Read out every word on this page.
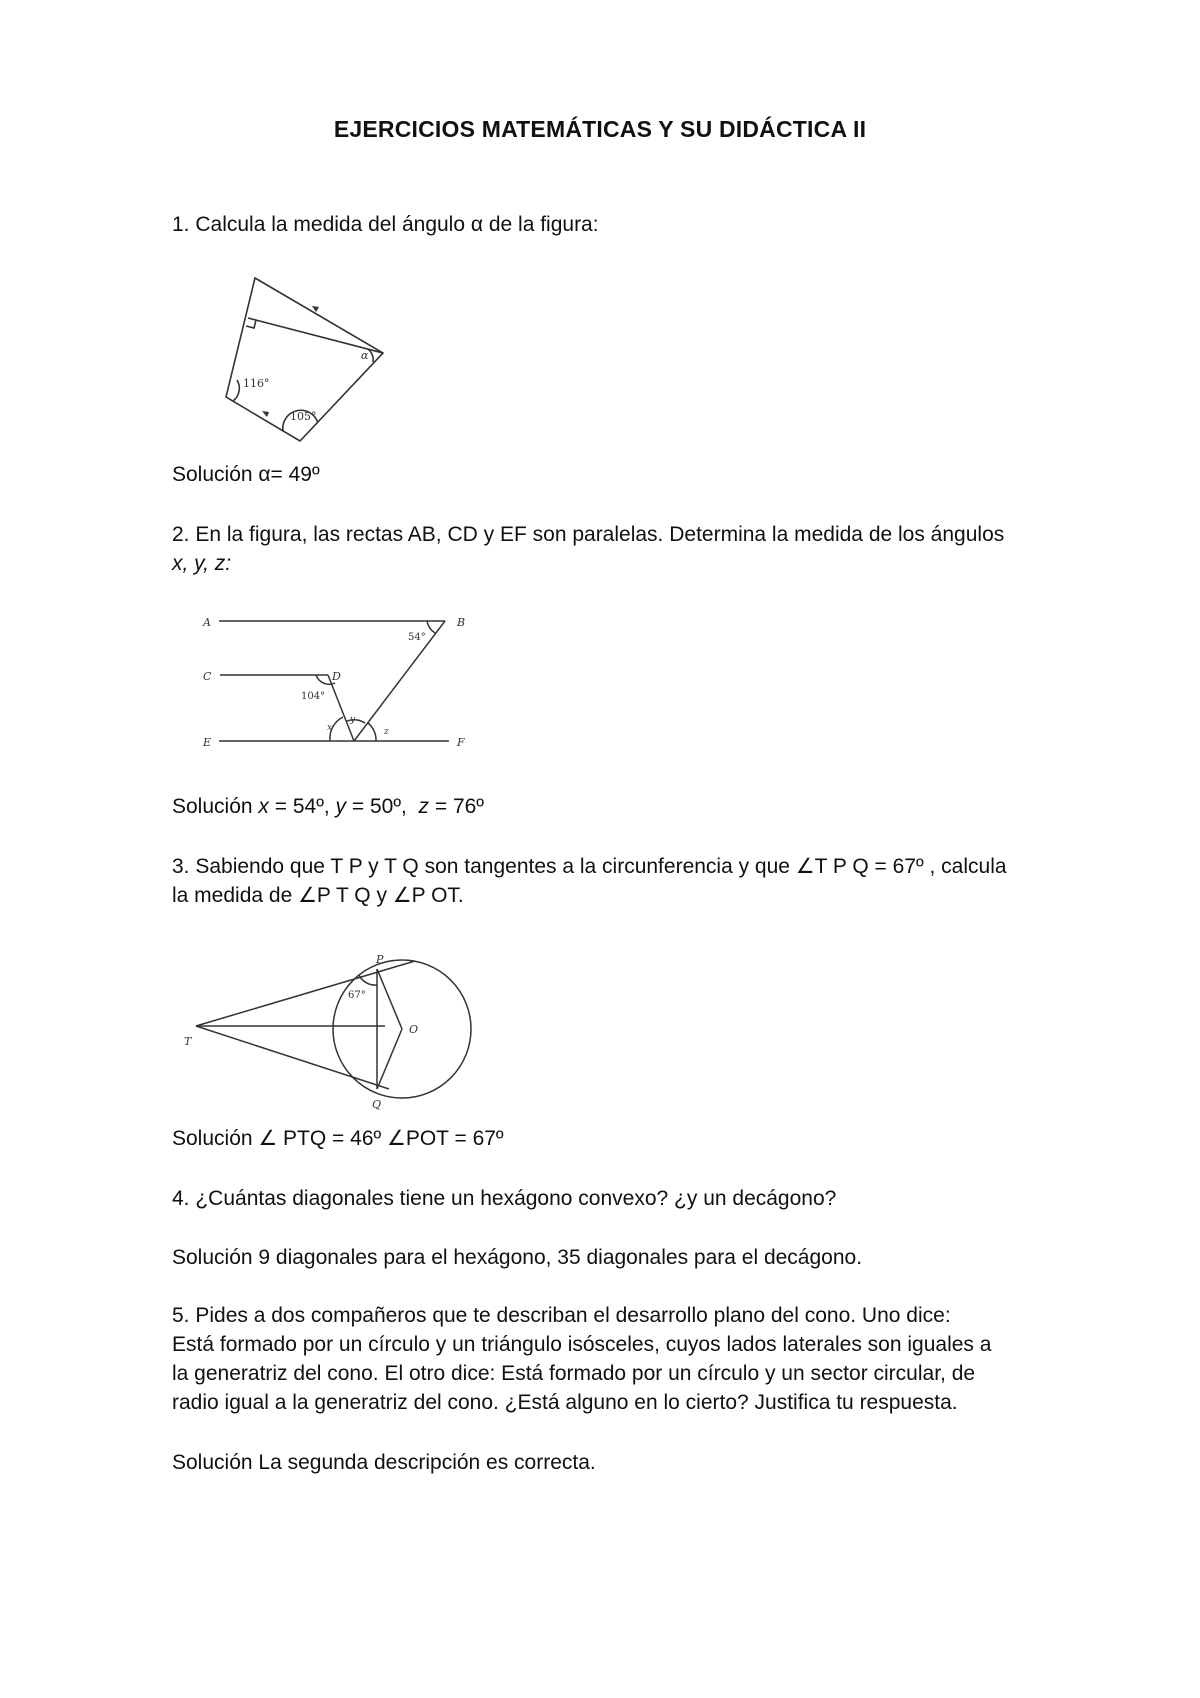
EJERCICIOS MATEMÁTICAS Y SU DIDÁCTICA II
1. Calcula la medida del ángulo α de la figura:
116°
105°
α
Solución α= 49º
2. En la figura, las rectas AB, CD y EF son paralelas. Determina la medida de los ángulos
x, y, z:
A	B
C	D
E	F
54°
104°
x
y
z
Solución x = 54º, y = 50º,  z = 76º
3. Sabiendo que T P y T Q son tangentes a la circunferencia y que ∠T P Q = 67º , calcula
la medida de ∠P T Q y ∠P OT.
P
Q
T
O
67°
Solución ∠ PTQ = 46º ∠POT = 67º
4. ¿Cuántas diagonales tiene un hexágono convexo? ¿y un decágono?
Solución 9 diagonales para el hexágono, 35 diagonales para el decágono.
5. Pides a dos compañeros que te describan el desarrollo plano del cono. Uno dice:
Está formado por un círculo y un triángulo isósceles, cuyos lados laterales son iguales a
la generatriz del cono. El otro dice: Está formado por un círculo y un sector circular, de
radio igual a la generatriz del cono. ¿Está alguno en lo cierto? Justifica tu respuesta.
Solución La segunda descripción es correcta.
